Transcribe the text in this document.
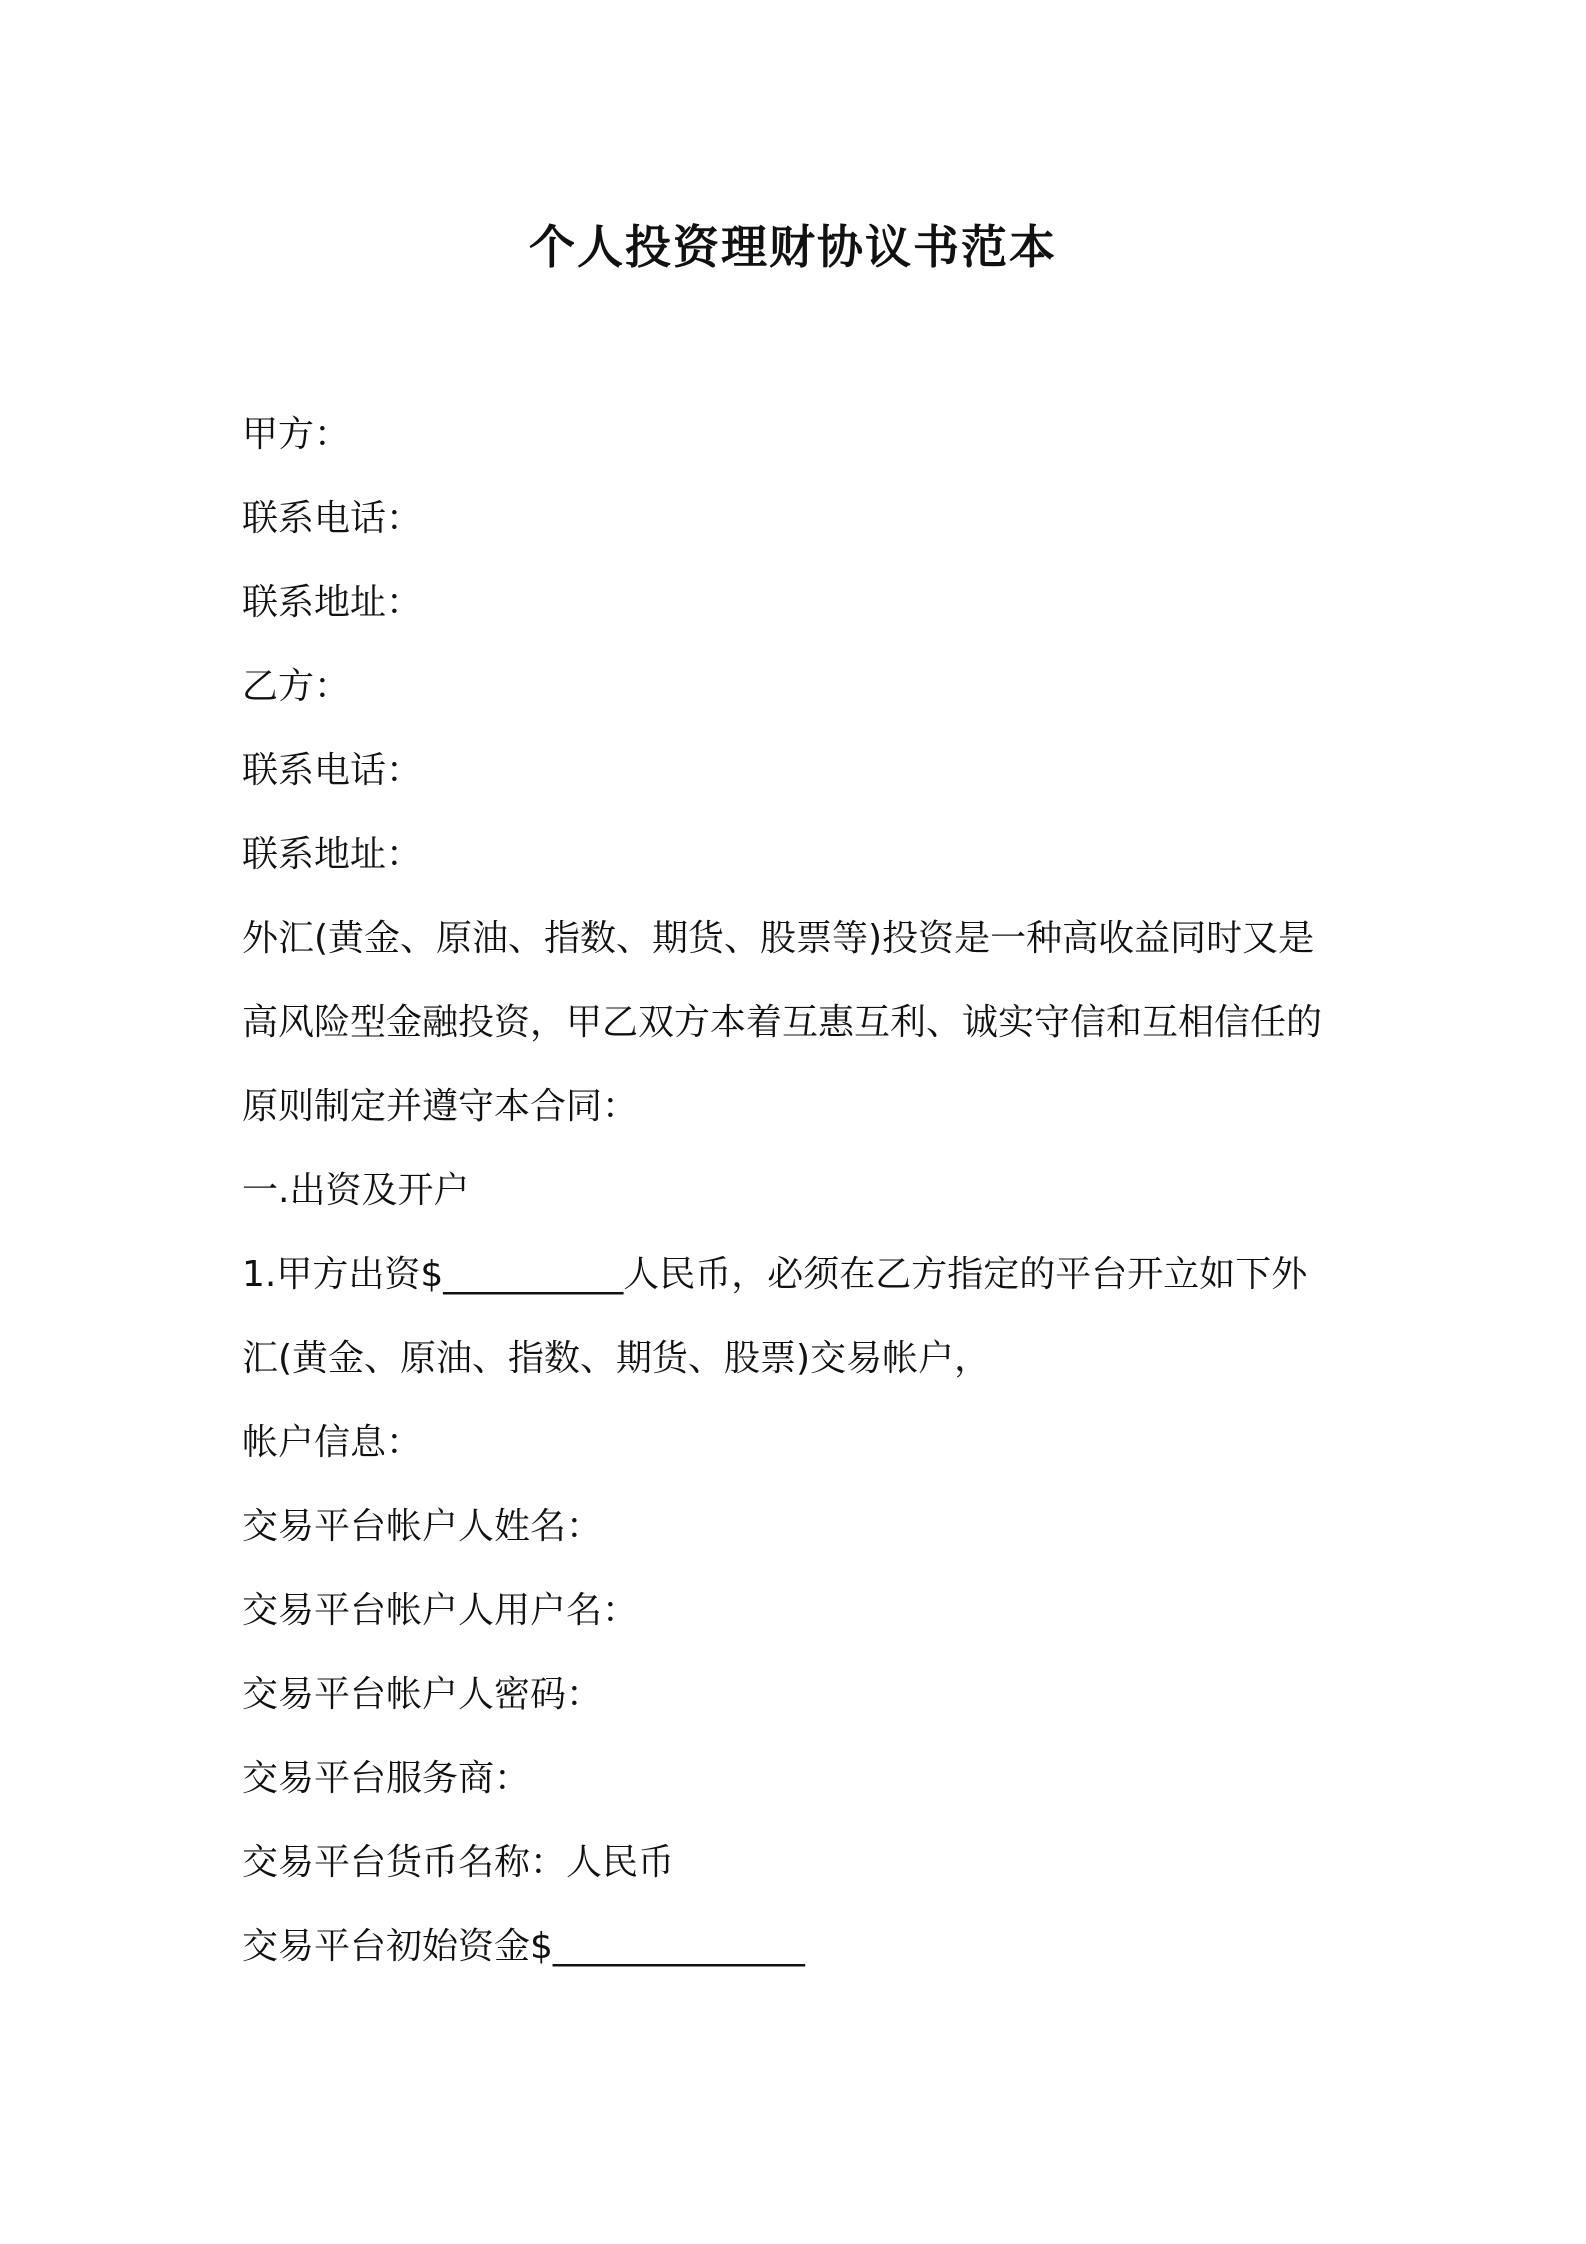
个人投资理财协议书范本
甲方：
联系电话：
联系地址：
乙方：
联系电话：
联系地址：
外汇(黄金、原油、指数、期货、股票等)投资是一种高收益同时又是
高风险型金融投资，甲乙双方本着互惠互利、诚实守信和互相信任的
原则制定并遵守本合同：
一.出资及开户
1.甲方出资$__________人民币，必须在乙方指定的平台开立如下外
汇(黄金、原油、指数、期货、股票)交易帐户，
帐户信息：
交易平台帐户人姓名：
交易平台帐户人用户名：
交易平台帐户人密码：
交易平台服务商：
交易平台货币名称：人民币
交易平台初始资金$______________
